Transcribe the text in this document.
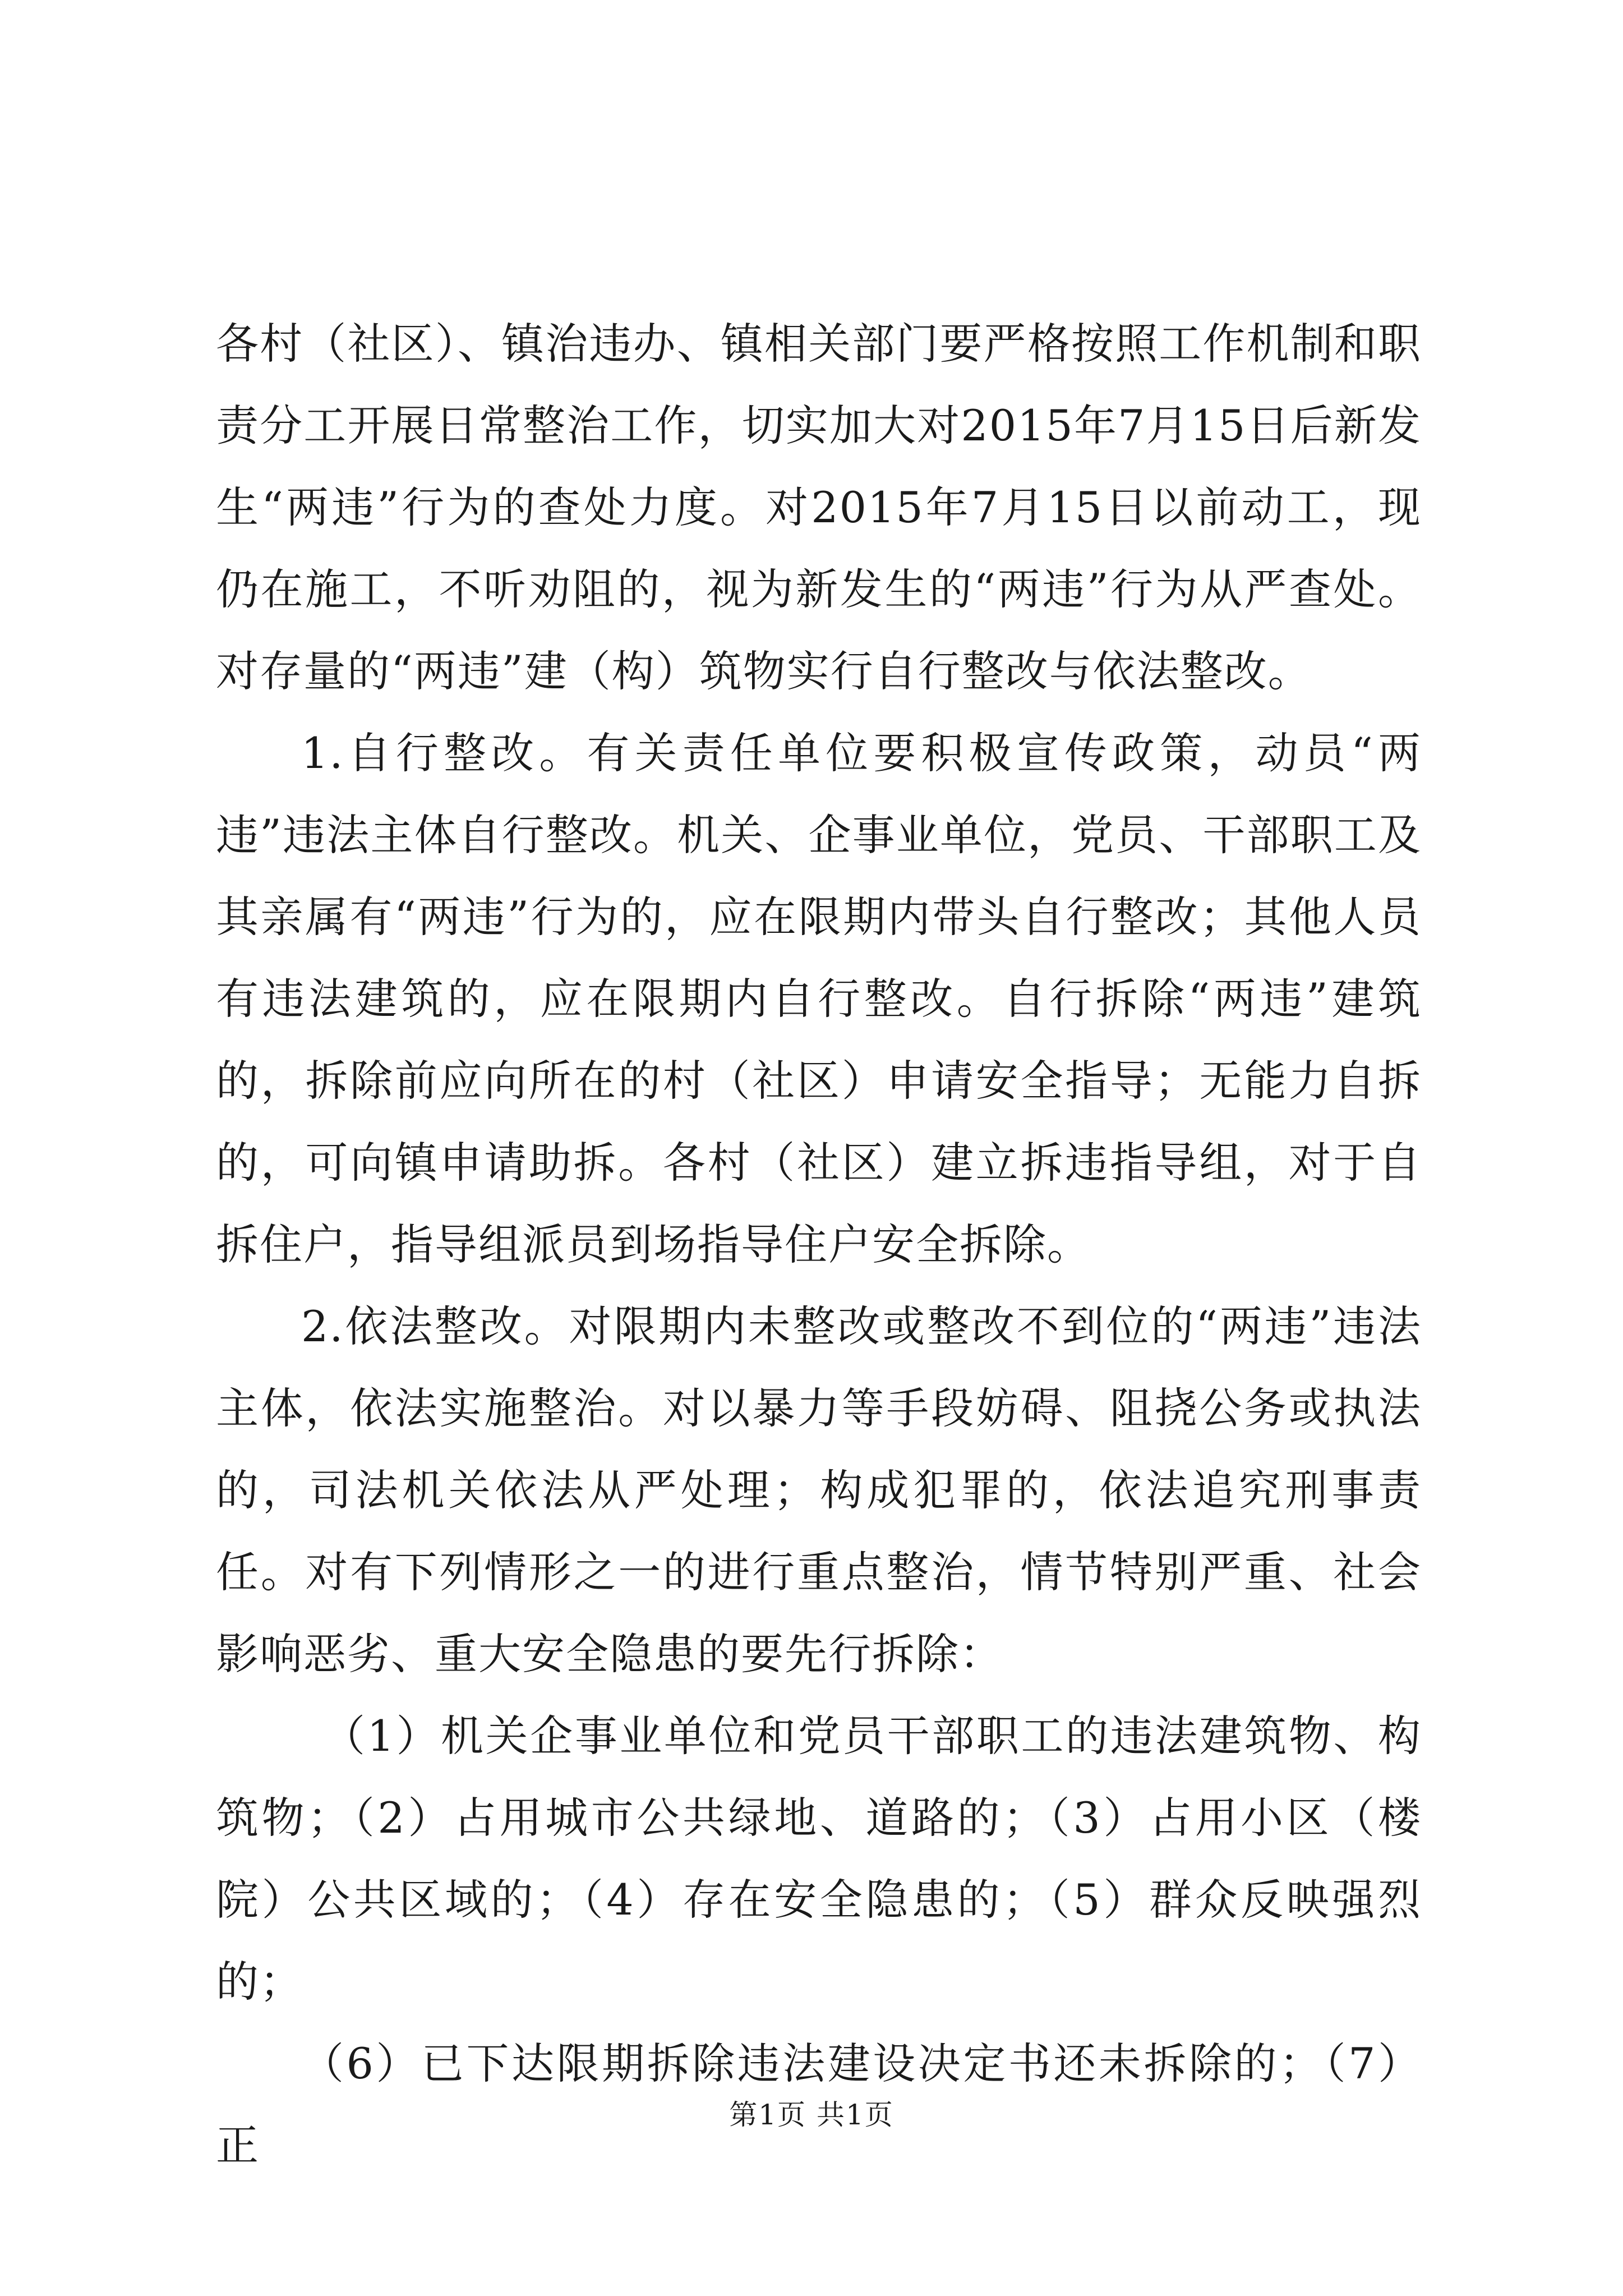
各村（社区）、镇治违办、镇相关部门要严格按照工作机制和职责分工开展日常整治工作，切实加大对2015年7月15日后新发生“两违”行为的查处力度。对2015年7月15日以前动工，现仍在施工，不听劝阻的，视为新发生的“两违”行为从严查处。对存量的“两违”建（构）筑物实行自行整改与依法整改。

1.自行整改。有关责任单位要积极宣传政策，动员“两违”违法主体自行整改。机关、企事业单位，党员、干部职工及其亲属有“两违”行为的，应在限期内带头自行整改；其他人员有违法建筑的，应在限期内自行整改。自行拆除“两违”建筑的，拆除前应向所在的村（社区）申请安全指导；无能力自拆的，可向镇申请助拆。各村（社区）建立拆违指导组，对于自拆住户，指导组派员到场指导住户安全拆除。

2.依法整改。对限期内未整改或整改不到位的“两违”违法主体，依法实施整治。对以暴力等手段妨碍、阻挠公务或执法的，司法机关依法从严处理；构成犯罪的，依法追究刑事责任。对有下列情形之一的进行重点整治，情节特别严重、社会影响恶劣、重大安全隐患的要先行拆除：

（1）机关企事业单位和党员干部职工的违法建筑物、构筑物；（2）占用城市公共绿地、道路的；（3）占用小区（楼院）公共区域的；（4）存在安全隐患的；（5）群众反映强烈的；

（6）已下达限期拆除违法建设决定书还未拆除的；（7）正

第1页 共1页
